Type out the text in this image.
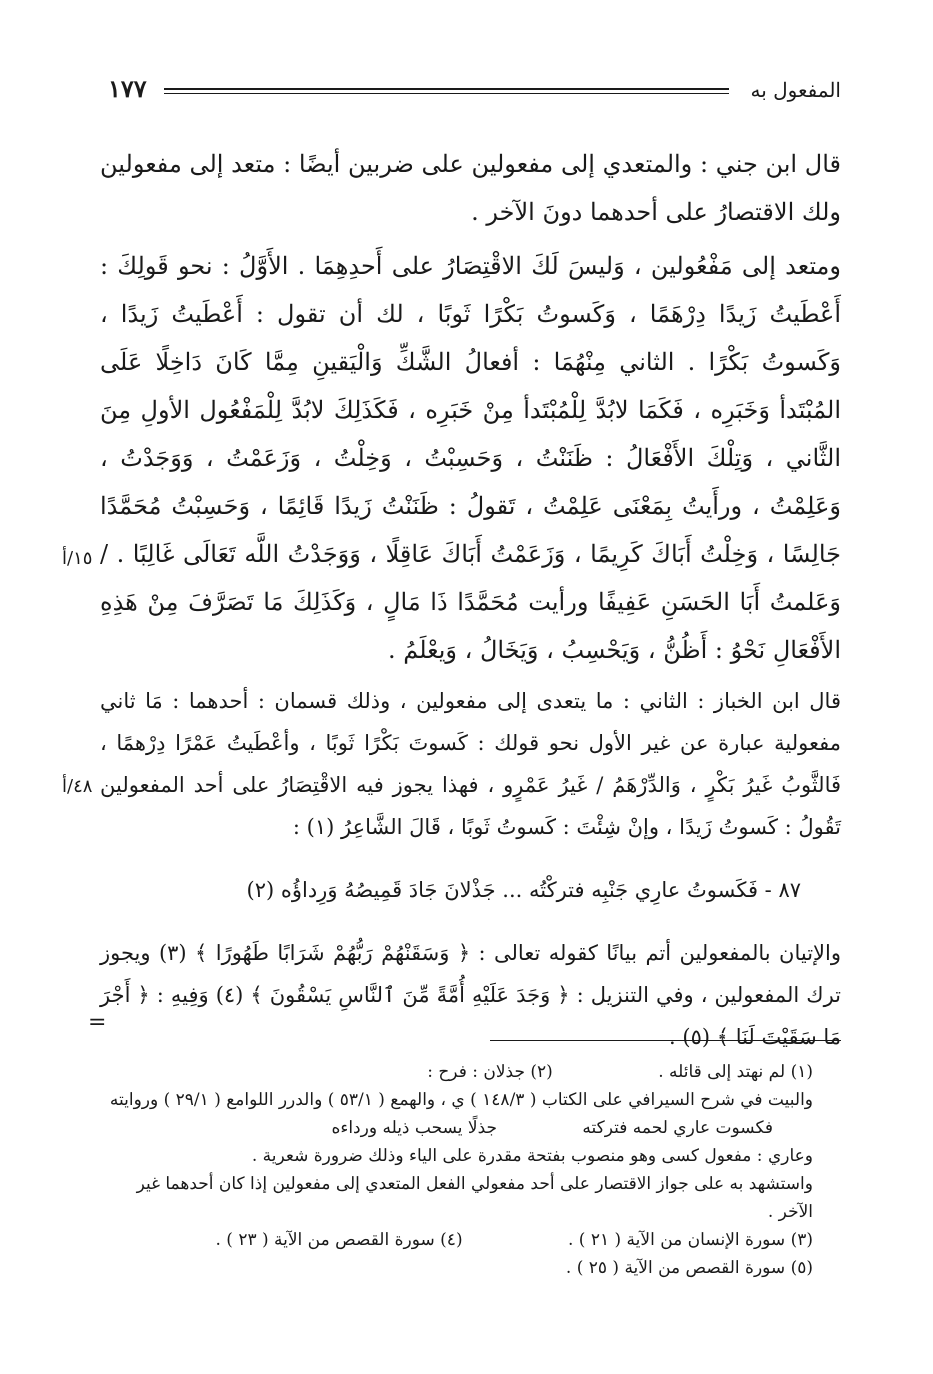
المفعول به
١٧٧
١٥/أ
٤٨/أ

قال ابن جني : والمتعدي إلى مفعولين على ضربين أيضًا : متعد إلى مفعولين ولك الاقتصارُ على أحدهما دونَ الآخر .

ومتعد إلى مَفْعُولين ، وَليسَ لَكَ الاقْتِصَارُ على أَحدِهِمَا . الأَوَّلُ : نحو قَولِكَ : أَعْطَيتُ زَيدًا دِرْهَمًا ، وَكَسوتُ بَكْرًا ثَوبًا ، لك أن تقول : أَعْطَيتُ زَيدًا ، وَكَسوتُ بَكْرًا . الثاني مِنْهُمَا : أفعالُ الشَّكِّ وَالْيَقينِ مِمَّا كَانَ دَاخِلًا عَلَى المُبْتَدأ وَخَبَرِه ، فَكَمَا لابُدَّ لِلْمُبْتَدأ مِنْ خَبَرِه ، فَكَذَلِكَ لابُدَّ لِلْمَفْعُول الأولِ مِنَ الثَّاني ، وَتِلْكَ الأَفْعَالُ : ظَنَنْتُ ، وَحَسِبْتُ ، وَخِلْتُ ، وَزَعَمْتُ ، وَوَجَدْتُ ، وَعَلِمْتُ ، ورأَيتُ بِمَعْنَى عَلِمْتُ ، تَقولُ : ظَنَنْتُ زَيدًا قَائِمًا ، وَحَسِبْتُ مُحَمَّدًا جَالِسًا ، وَخِلْتُ أَبَاكَ كَرِيمًا ، وَزَعَمْتُ أَبَاكَ عَاقِلًا ، وَوَجَدْتُ اللَّه تَعَالَى غَالِبًا . / وَعَلمتُ أَبَا الحَسَنِ عَفِيفًا ورأيت مُحَمَّدًا ذَا مَالٍ ، وَكَذَلِكَ مَا تَصَرَّفَ مِنْ هَذِهِ الأَفْعَالِ نَحْوُ : أَظُنُّ ، وَيَحْسِبُ ، وَيَخَالُ ، وَيعْلَمُ .

قال ابن الخباز : الثاني : ما يتعدى إلى مفعولين ، وذلك قسمان : أحدهما : مَا ثاني مفعولية عبارة عن غير الأول نحو قولك : كَسوتَ بَكْرًا ثَوبًا ، وأعْطَيتُ عَمْرًا دِرْهمًا ، فَالثَّوبُ غَيرُ بَكْرٍ ، وَالدِّرْهَمُ / غَيرُ عَمْرٍو ، فهذا يجوز فيه الاقْتِصَارُ على أحد المفعولين تَقُولُ : كَسوتُ زَيدًا ، وإنْ شِئْتَ : كَسوتُ ثَوبًا ، قَالَ الشَّاعِرُ (١) :

٨٧ - فَكَسوتُ عارِي جَنْبِه فتركْتُه ... جَذْلانَ جَادَ قَمِيصُهُ وَرِداؤُه (٢)

والإتيان بالمفعولين أتم بيانًا كقوله تعالى : ﴿ وَسَقَنْهُمْ رَبُّهُمْ شَرَابًا طَهُورًا ﴾ (٣) ويجوز ترك المفعولين ، وفي التنزيل : ﴿ وَجَدَ عَلَيْهِ أُمَّةً مِّنَ ٱلنَّاسِ يَسْقُونَ ﴾ (٤) وَفِيهِ : ﴿ أَجْرَ مَا سَقَيْتَ لَنَا ﴾ (٥) .

=

(١) لم نهتد إلى قائله . (٢) جذلان : فرح :

والبيت في شرح السيرافي على الكتاب ( ١٤٨/٣ ) ي ، والهمع ( ٥٣/١ ) والدرر اللوامع ( ٢٩/١ ) وروايته

فكسوت عاري لحمه فتركته جذلًا يسحب ذيله ورداءه

وعاري : مفعول كسى وهو منصوب بفتحة مقدرة على الياء وذلك ضرورة شعرية .

واستشهد به على جواز الاقتصار على أحد مفعولي الفعل المتعدي إلى مفعولين إذا كان أحدهما غير الآخر .

(٣) سورة الإنسان من الآية ( ٢١ ) . (٤) سورة القصص من الآية ( ٢٣ ) .

(٥) سورة القصص من الآية ( ٢٥ ) .
